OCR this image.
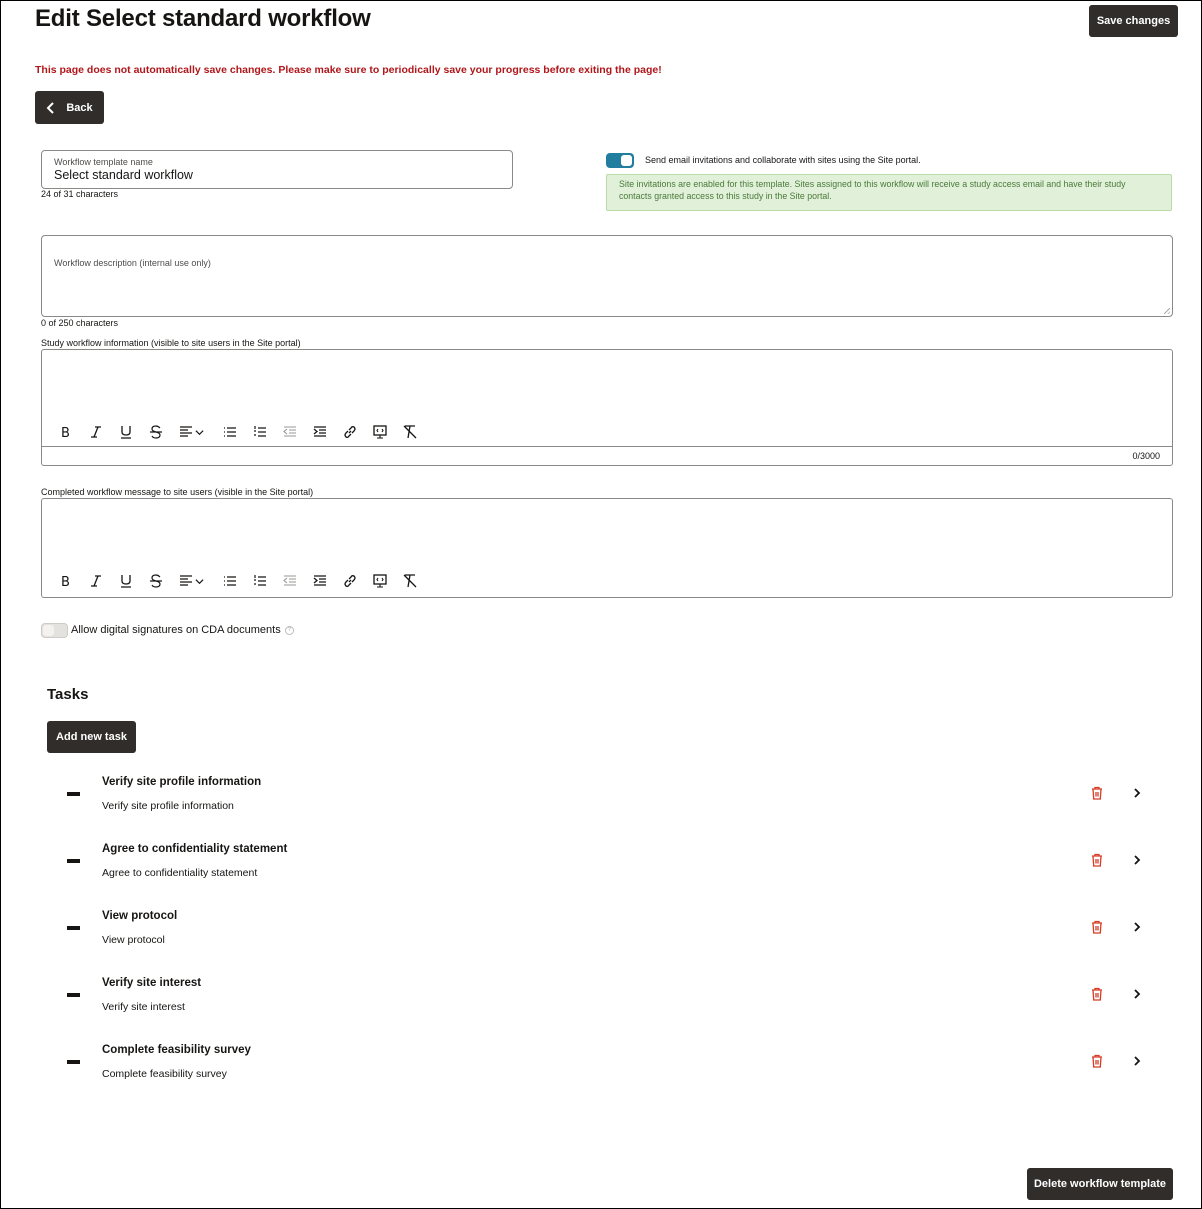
Edit Select standard workflow	Save changes
This page does not automatically save changes. Please make sure to periodically save your progress before exiting the page!
Back
Workflow template name
Select standard workflow
24 of 31 characters
Send email invitations and collaborate with sites using the Site portal.
Site invitations are enabled for this template. Sites assigned to this workflow will receive a study access email and have their study contacts granted access to this study in the Site portal.
Workflow description (internal use only)
0 of 250 characters
Study workflow information (visible to site users in the Site portal)
B
0/3000
Completed workflow message to site users (visible in the Site portal)
B
Allow digital signatures on CDA documents	?
Tasks
Add new task
Verify site profile information
Verify site profile information
Agree to confidentiality statement
Agree to confidentiality statement
View protocol
View protocol
Verify site interest
Verify site interest
Complete feasibility survey
Complete feasibility survey
Delete workflow template
